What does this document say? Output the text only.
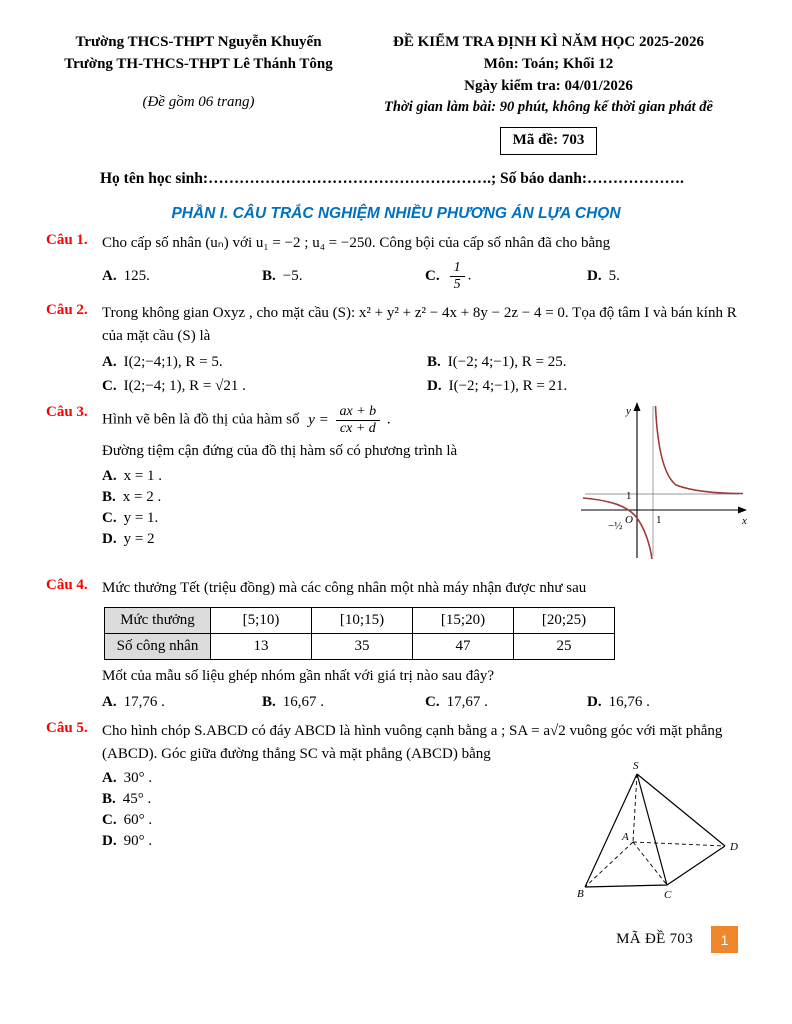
Trường THCS-THPT Nguyễn Khuyến
Trường TH-THCS-THPT Lê Thánh Tông
(Đề gồm 06 trang)
ĐỀ KIỂM TRA ĐỊNH KÌ NĂM HỌC 2025-2026
Môn: Toán; Khối 12
Ngày kiểm tra: 04/01/2026
Thời gian làm bài: 90 phút, không kể thời gian phát đề
Mã đề: 703
Họ tên học sinh:……………………………………………….; Số báo danh:……………….
PHẦN I. CÂU TRẮC NGHIỆM NHIỀU PHƯƠNG ÁN LỰA CHỌN
Câu 1. Cho cấp số nhân (uₙ) với u₁ = −2 ; u₄ = −250. Công bội của cấp số nhân đã cho bằng
A. 125.	B. −5.	C. $\frac{1}{5}$ .	D. 5.
Câu 2. Trong không gian Oxyz , cho mặt cầu (S): x² + y² + z² − 4x + 8y − 2z − 4 = 0. Tọa độ tâm I và bán kính R của mặt cầu (S) là
A. I(2;−4;1), R = 5.	B. I(−2; 4;−1), R = 25.
C. I(2;−4; 1), R = √21 .	D. I(−2; 4;−1), R = 21.
Câu 3. Hình vẽ bên là đồ thị của hàm số $y = \frac{ax + b}{cx + d}$ .
Đường tiệm cận đứng của đồ thị hàm số có phương trình là
A. x = 1 .
B. x = 2 .
C. y = 1.
D. y = 2
y
x
O 1
1
−½
Câu 4. Mức thưởng Tết (triệu đồng) mà các công nhân một nhà máy nhận được như sau
Mức thưởng	[5;10)	[10;15)	[15;20)	[20;25)
Số công nhân	13	35	47	25
Mốt của mẫu số liệu ghép nhóm gần nhất với giá trị nào sau đây?
A. 17,76 .	B. 16,67 .	C. 17,67 .	D. 16,76 .
Câu 5. Cho hình chóp S.ABCD có đáy ABCD là hình vuông cạnh bằng a ; SA = a√2 vuông góc với mặt phẳng (ABCD). Góc giữa đường thẳng SC và mặt phẳng (ABCD) bằng
A. 30° .
B. 45° .
C. 60° .
D. 90° .
S
A
B	C
D
MÃ ĐỀ 703	1
